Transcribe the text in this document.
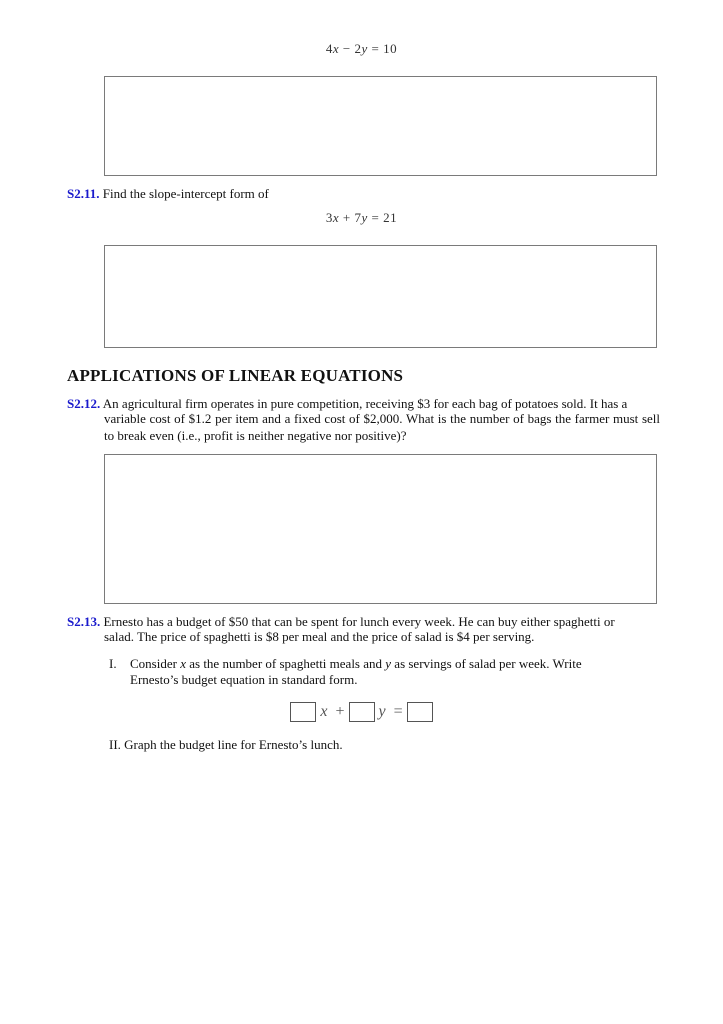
4x − 2y = 10
S2.11. Find the slope-intercept form of
3x + 7y = 21
APPLICATIONS OF LINEAR EQUATIONS
S2.12. An agricultural firm operates in pure competition, receiving $3 for each bag of potatoes sold. It has a
variable cost of $1.2 per item and a fixed cost of $2,000. What is the number of bags the farmer must sell to break even (i.e., profit is neither negative nor positive)?
S2.13. Ernesto has a budget of $50 that can be spent for lunch every week. He can buy either spaghetti or
salad. The price of spaghetti is $8 per meal and the price of salad is $4 per serving.
I. Consider x as the number of spaghetti meals and y as servings of salad per week. Write
Ernesto’s budget equation in standard form.
x + y =
II. Graph the budget line for Ernesto’s lunch.
